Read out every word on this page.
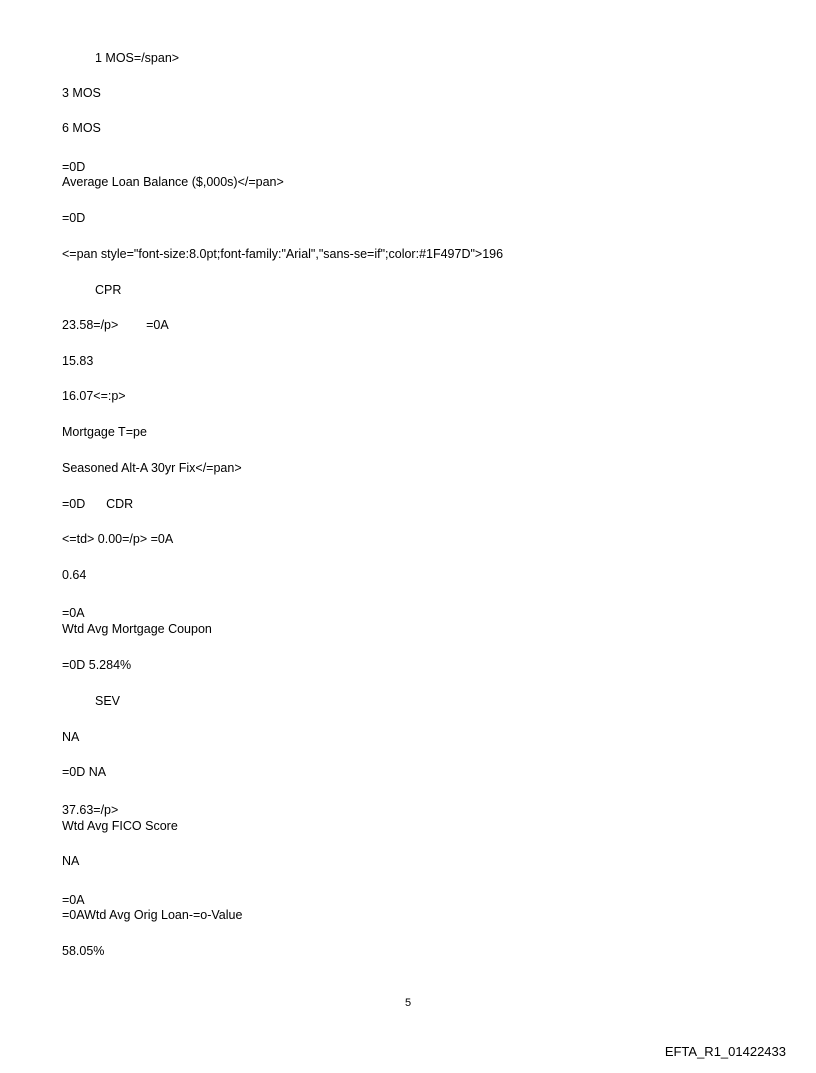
1 MOS=/span>
3 MOS
6 MOS
=0D
Average Loan Balance ($,000s)</=pan>
=0D
<=pan style="font-size:8.0pt;font-family:"Arial","sans-se=if";color:#1F497D">196
CPR
23.58=/p>        =0A
15.83
16.07<=:p>
Mortgage T=pe
Seasoned Alt-A 30yr Fix</=pan>
=0D      CDR
<=td> 0.00=/p> =0A
0.64
=0A
Wtd Avg Mortgage Coupon
=0D 5.284%
SEV
NA
=0D NA
37.63=/p>
Wtd Avg FICO Score
NA
=0A
=0AWtd Avg Orig Loan-=o-Value
58.05%
5
EFTA_R1_01422433
